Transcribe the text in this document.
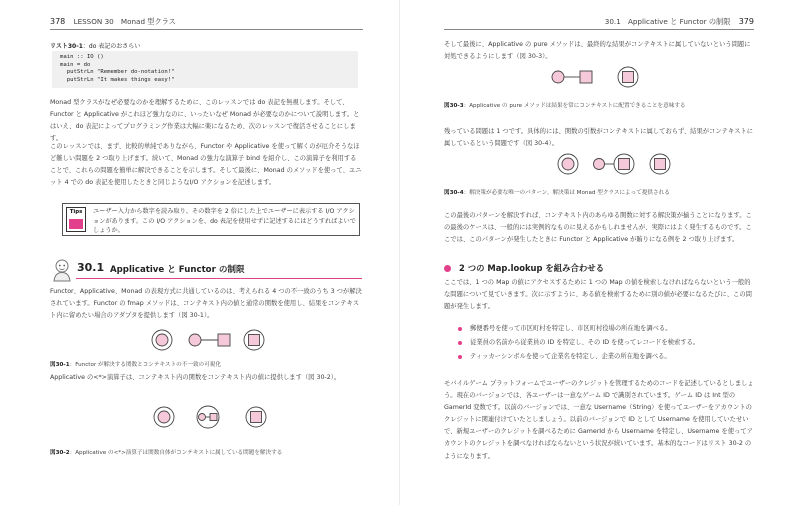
378 LESSON 30　Monad 型クラス
リスト30-1：do 表記のおさらい
main :: IO ()
main = do
putStrLn "Remember do-notation!"
putStrLn "It makes things easy!"
Monad 型クラスがなぜ必要なのかを理解するために、このレッスンでは do 表記を無視します。そして、Functor と Applicative がこれほど強力なのに、いったいなぜ Monad が必要なのかについて説明します。とはいえ、do 表記によってプログラミング作業は大幅に楽になるため、次のレッスンで復活させることにします。
このレッスンでは、まず、比較的単純でありながら、Functor や Applicative を使って解くのが厄介そうなほど難しい問題を 2 つ取り上げます。続いて、Monad の強力な演算子 bind を紹介し、この演算子を利用することで、これらの問題を簡単に解決できることを示します。そして最後に、Monad のメソッドを使って、ユニット 4 での do 表記を使用したときと同じようなI/O アクションを記述します。
Tips	ユーザー入力から数字を読み取り、その数字を 2 倍にした上でユーザーに表示する I/O アクションがあります。この I/O アクションを、do 表記を使用せずに記述するにはどうすればよいでしょうか。
30.1 Applicative と Functor の制限
Functor、Applicative、Monad の表現方式に共通しているのは、考えられる 4 つの不一致のうち 3 つが解決されています。Functor の fmap メソッドは、コンテキスト内の値と通常の関数を使用し、結果をコンテキスト内に留めたい場合のアダプタを提供します（図 30-1）。
図30-1：Functor が解決する関数とコンテキストの不一致の可視化
Applicative の<*>演算子は、コンテキスト内の関数をコンテキスト内の値に提供します（図 30-2）。
図30-2：Applicative の<*>演算子は関数自体がコンテキストに属している問題を解決する
30.1　Applicative と Functor の制限 379
そして最後に、Applicative の pure メソッドは、最終的な結果がコンテキストに属していないという問題に対処できるようにします（図 30-3）。
図30-3：Applicative の pure メソッドは結果を常にコンテキストに配置できることを意味する
残っている問題は 1 つです。具体的には、関数の引数がコンテキストに属しておらず、結果がコンテキストに属しているという問題です（図 30-4）。
図30-4：解決策が必要な唯一のパターン。解決策は Monad 型クラスによって提供される
この最後のパターンを解決すれば、コンテキスト内のあらゆる関数に対する解決策が揃うことになります。この最後のケースは、一般的には実例的なものに見えるかもしれませんが、実際にはよく発生するものです。ここでは、このパターンが発生したときに Functor と Applicative が賄りになる例を 2 つ取り上げます。
2 つの Map.lookup を組み合わせる
ここでは、1 つの Map の値にアクセスするために 1 つの Map の値を検索しなければならないという一般的な問題について見ていきます。次に示すように、ある値を検索するために別の値が必要になるたびに、この問題が発生します。
郵便番号を使って市区町村を特定し、市区町村役場の所在地を調べる。
従業員の名前から従業員の ID を特定し、その ID を使ってレコードを検索する。
ティッカーシンボルを使って企業名を特定し、企業の所在地を調べる。
モバイルゲーム プラットフォームでユーザーのクレジットを管理するためのコードを記述しているとしましょう。現在のバージョンでは、各ユーザーは一意なゲーム ID で識別されています。ゲーム ID は Int 型の GamerId 変数です。以前のバージョンでは、一意な Username（String）を使ってユーザーをアカウントのクレジットに関連付けていたとしましょう。以前のバージョンで ID として Username を使用していたせいで、新規ユーザーのクレジットを調べるために GamerId から Username を特定し、Username を使ってアカウントのクレジットを調べなければならないという状況が続いています。基本的なコードはリスト 30-2 のようになります。
